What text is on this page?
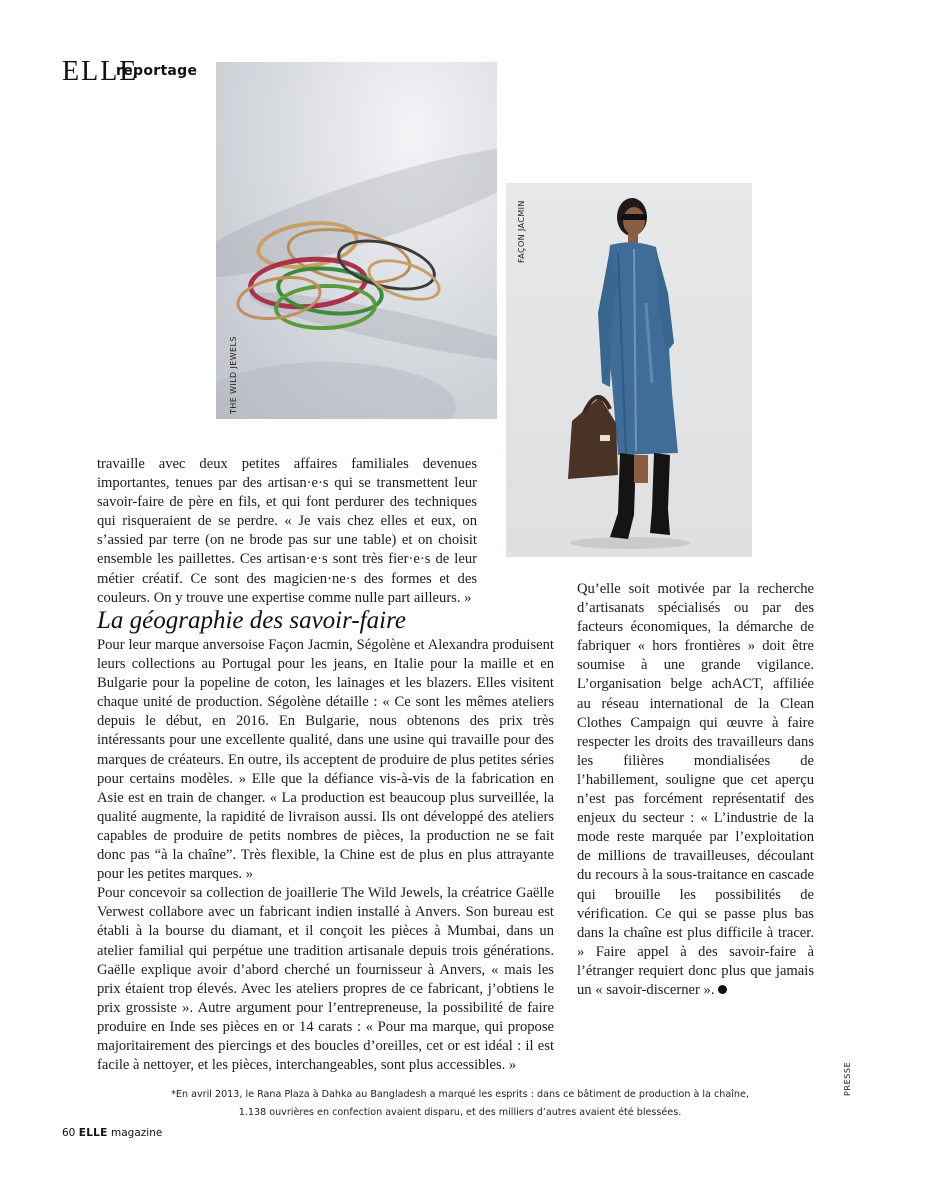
ELLE
reportage
THE WILD JEWELS
FAÇON JACMIN

travaille avec deux petites affaires familiales devenues importantes, tenues par des artisan·e·s qui se transmettent leur savoir-faire de père en fils, et qui font perdurer des techniques qui risqueraient de se perdre. « Je vais chez elles et eux, on s’assied par terre (on ne brode pas sur une table) et on choisit ensemble les paillettes. Ces artisan·e·s sont très fier·e·s de leur métier créatif. Ce sont des magicien·ne·s des formes et des couleurs. On y trouve une expertise comme nulle part ailleurs. »

La géographie des savoir-faire

Pour leur marque anversoise Façon Jacmin, Ségolène et Alexandra produisent leurs collections au Portugal pour les jeans, en Italie pour la maille et en Bulgarie pour la popeline de coton, les lainages et les blazers. Elles visitent chaque unité de production. Ségolène détaille : « Ce sont les mêmes ateliers depuis le début, en 2016. En Bulgarie, nous obtenons des prix très intéressants pour une excellente qualité, dans une usine qui travaille pour des marques de créateurs. En outre, ils acceptent de produire de plus petites séries pour certains modèles. » Elle que la défiance vis-à-vis de la fabrication en Asie est en train de changer. « La production est beaucoup plus surveillée, la qualité augmente, la rapidité de livraison aussi. Ils ont développé des ateliers capables de produire de petits nombres de pièces, la production ne se fait donc pas “à la chaîne”. Très flexible, la Chine est de plus en plus attrayante pour les petites marques. »

Pour concevoir sa collection de joaillerie The Wild Jewels, la créatrice Gaëlle Verwest collabore avec un fabricant indien installé à Anvers. Son bureau est établi à la bourse du diamant, et il conçoit les pièces à Mumbai, dans un atelier familial qui perpétue une tradition artisanale depuis trois générations. Gaëlle explique avoir d’abord cherché un fournisseur à Anvers, « mais les prix étaient trop élevés. Avec les ateliers propres de ce fabricant, j’obtiens le prix grossiste ». Autre argument pour l’entrepreneuse, la possibilité de faire produire en Inde ses pièces en or 14 carats : « Pour ma marque, qui propose majoritairement des piercings et des boucles d’oreilles, cet or est idéal : il est facile à nettoyer, et les pièces, interchangeables, sont plus accessibles. »

Qu’elle soit motivée par la recherche d’artisanats spécialisés ou par des facteurs économiques, la démarche de fabriquer « hors frontières » doit être soumise à une grande vigilance. L’organisation belge achACT, affiliée au réseau international de la Clean Clothes Campaign qui œuvre à faire respecter les droits des travailleurs dans les filières mondialisées de l’habillement, souligne que cet aperçu n’est pas forcément représentatif des enjeux du secteur : « L’industrie de la mode reste marquée par l’exploitation de millions de travailleuses, découlant du recours à la sous-traitance en cascade qui brouille les possibilités de vérification. Ce qui se passe plus bas dans la chaîne est plus difficile à tracer. » Faire appel à des savoir-faire à l’étranger requiert donc plus que jamais un « savoir-discerner ».

*En avril 2013, le Rana Plaza à Dahka au Bangladesh a marqué les esprits : dans ce bâtiment de production à la chaîne,
1.138 ouvrières en confection avaient disparu, et des milliers d’autres avaient été blessées.
60 ELLE magazine
PRESSE
